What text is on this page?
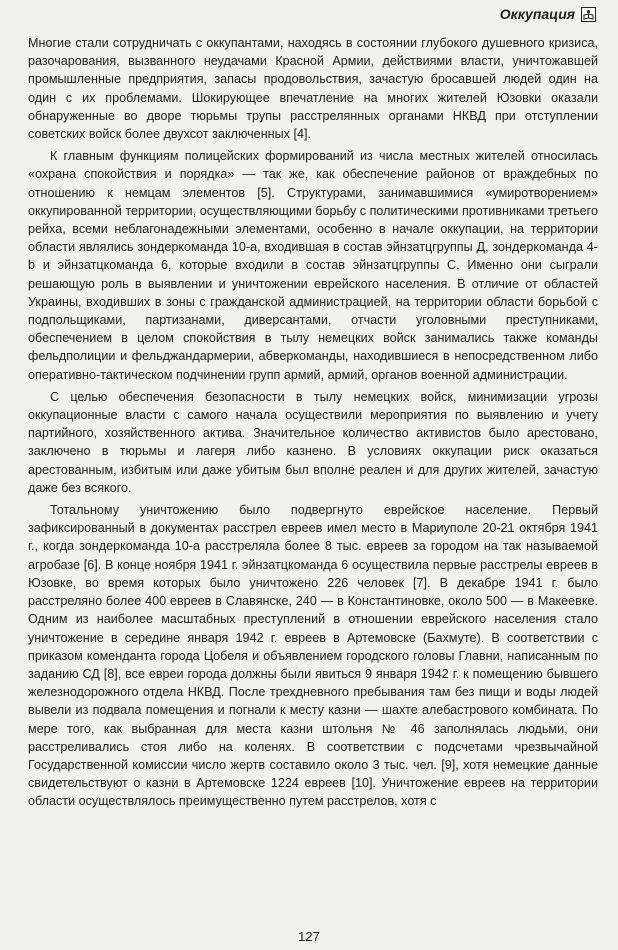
Оккупация

Многие стали сотрудничать с оккупантами, находясь в состоянии глубокого душевного кризиса, разочарования, вызванного неудачами Красной Армии, действиями власти, уничтожавшей промышленные предприятия, запасы продовольствия, зачастую бросавшей людей один на один с их проблемами. Шокирующее впечатление на многих жителей Юзовки оказали обнаруженные во дворе тюрьмы трупы расстрелянных органами НКВД при отступлении советских войск более двухсот заключенных [4].

К главным функциям полицейских формирований из числа местных жителей относилась «охрана спокойствия и порядка» — так же, как обеспечение районов от враждебных по отношению к немцам элементов [5]. Структурами, занимавшимися «умиротворением» оккупированной территории, осуществляющими борьбу с политическими противниками третьего рейха, всеми неблагонадежными элементами, особенно в начале оккупации, на территории области являлись зондеркоманда 10-а, входившая в состав эйнзатцгруппы Д, зондеркоманда 4-b и эйнзатцкоманда 6, которые входили в состав эйнзатцгруппы С. Именно они сыграли решающую роль в выявлении и уничтожении еврейского населения. В отличие от областей Украины, входивших в зоны с гражданской администрацией, на территории области борьбой с подпольщиками, партизанами, диверсантами, отчасти уголовными преступниками, обеспечением в целом спокойствия в тылу немецких войск занимались также команды фельдполиции и фельджандармерии, абверкоманды, находившиеся в непосредственном либо оперативно-тактическом подчинении групп армий, армий, органов военной администрации.

С целью обеспечения безопасности в тылу немецких войск, минимизации угрозы оккупационные власти с самого начала осуществили мероприятия по выявлению и учету партийного, хозяйственного актива. Значительное количество активистов было арестовано, заключено в тюрьмы и лагеря либо казнено. В условиях оккупации риск оказаться арестованным, избитым или даже убитым был вполне реален и для других жителей, зачастую даже без всякого.

Тотальному уничтожению было подвергнуто еврейское население. Первый зафиксированный в документах расстрел евреев имел место в Мариуполе 20-21 октября 1941 г., когда зондеркоманда 10-а расстреляла более 8 тыс. евреев за городом на так называемой агробазе [6]. В конце ноября 1941 г. эйнзатцкоманда 6 осуществила первые расстрелы евреев в Юзовке, во время которых было уничтожено 226 человек [7]. В декабре 1941 г. было расстреляно более 400 евреев в Славянске, 240 — в Константиновке, около 500 — в Макеевке. Одним из наиболее масштабных преступлений в отношении еврейского населения стало уничтожение в середине января 1942 г. евреев в Артемовске (Бахмуте). В соответствии с приказом коменданта города Цобеля и объявлением городского головы Главни, написанным по заданию СД [8], все евреи города должны были явиться 9 января 1942 г. к помещению бывшего железнодорожного отдела НКВД. После трехдневного пребывания там без пищи и воды людей вывели из подвала помещения и погнали к месту казни — шахте алебастрового комбината. По мере того, как выбранная для места казни штольня № 46 заполнялась людьми, они расстреливались стоя либо на коленях. В соответствии с подсчетами чрезвычайной Государственной комиссии число жертв составило около 3 тыс. чел. [9], хотя немецкие данные свидетельствуют о казни в Артемовске 1224 евреев [10]. Уничтожение евреев на территории области осуществлялось преимущественно путем расстрелов, хотя с

127
